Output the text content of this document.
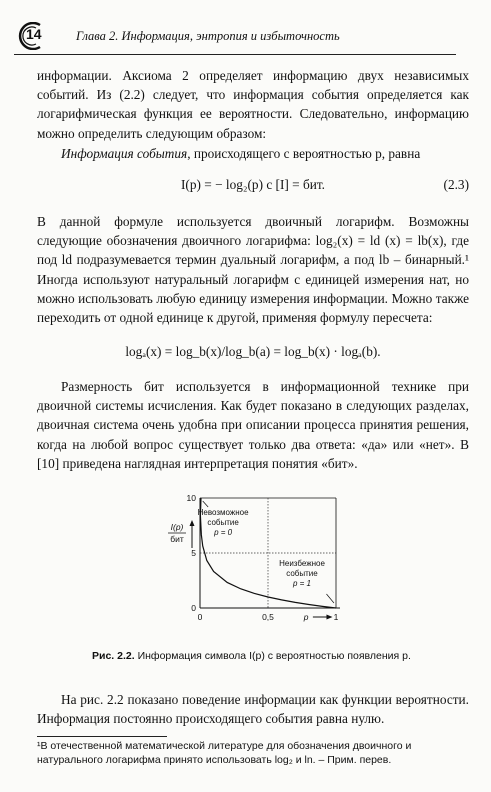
14	Глава 2. Информация, энтропия и избыточность
информации. Аксиома 2 определяет информацию двух независимых событий. Из (2.2) следует, что информация события определяется как логарифмическая функция ее вероятности. Следовательно, информацию можно определить следующим образом:
Информация события, происходящего с вероятностью p, равна
I(p) = − log₂(p) с [I] = бит.	(2.3)
В данной формуле используется двоичный логарифм. Возможны следующие обозначения двоичного логарифма: log₂(x) = ld (x) = lb(x), где под ld подразумевается термин дуальный логарифм, а под lb – бинарный.¹ Иногда используют натуральный логарифм с единицей измерения нат, но можно использовать любую единицу измерения информации. Можно также переходить от одной единице к другой, применяя формулу пересчета:
logₐ(x) = log_b(x)/log_b(a) = log_b(x) · logₐ(b).
Размерность бит используется в информационной технике при двоичной системы исчисления. Как будет показано в следующих разделах, двоичная система очень удобна при описании процесса принятия решения, когда на любой вопрос существует только два ответа: «да» или «нет». В [10] приведена наглядная интерпретация понятия «бит».
0
5
10
0	0,5	1
I(p)
бит
p
Невозможное
событие
p = 0
Неизбежное
событие
p = 1
Рис. 2.2. Информация символа I(p) с вероятностью появления p.
На рис. 2.2 показано поведение информации как функции вероятности. Информация постоянно происходящего события равна нулю.
¹В отечественной математической литературе для обозначения двоичного и натурального логарифма принято использовать log₂ и ln. – Прим. перев.
